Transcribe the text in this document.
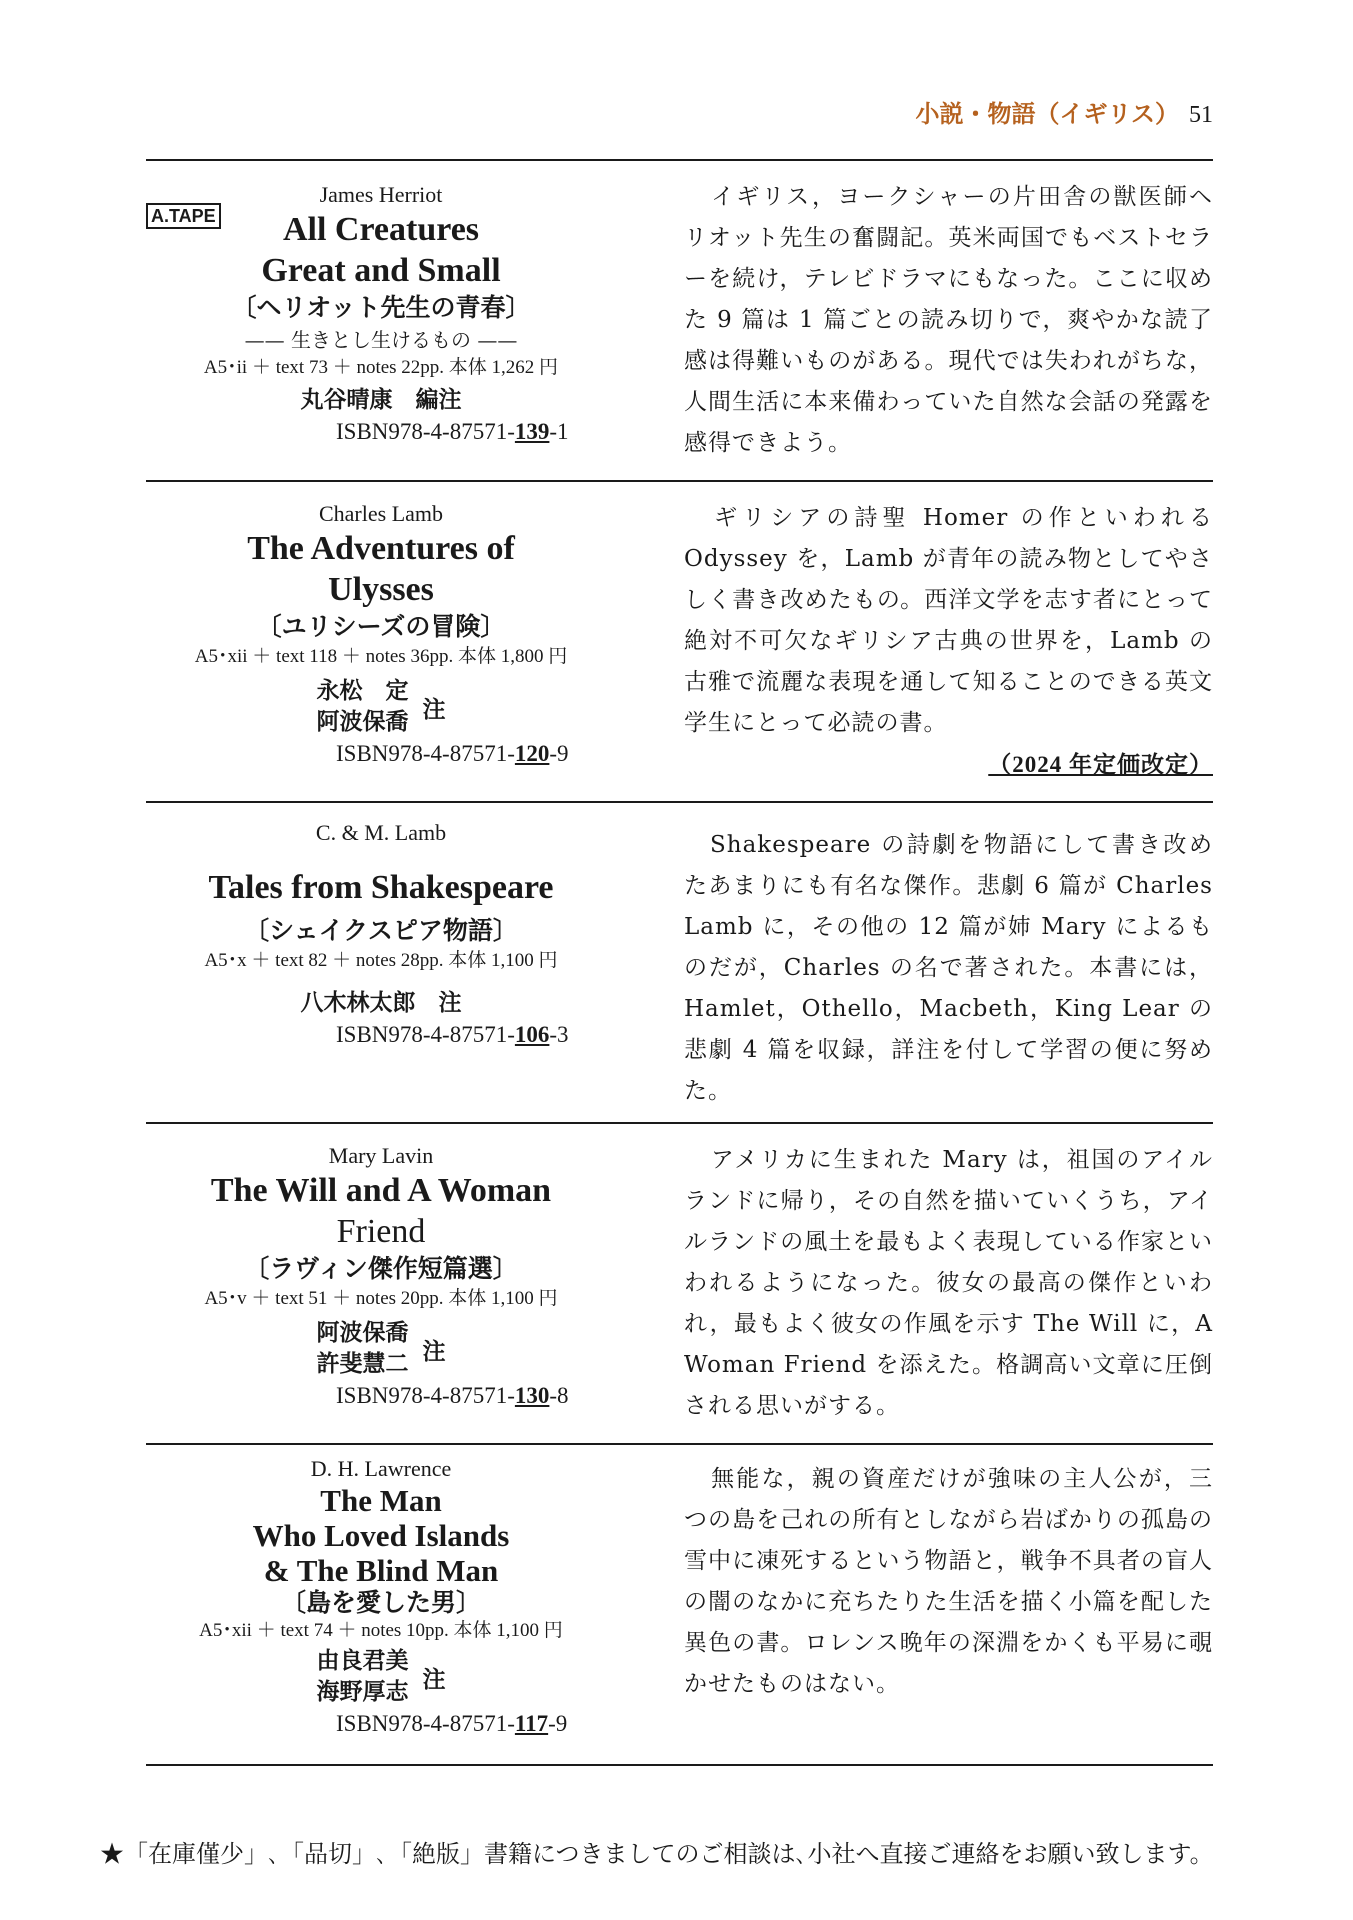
小説・物語（イギリス） 51
A.TAPE
James Herriot
All Creatures
Great and Small
〔ヘリオット先生の青春〕
—— 生きとし生けるもの ——
A5･ii ＋ text 73 ＋ notes 22pp. 本体 1,262 円
丸谷晴康　編注
ISBN978-4-87571-139-1
イギリス，ヨークシャーの片田舎の獣医師ヘリオット先生の奮闘記。英米両国でもベストセラーを続け，テレビドラマにもなった。ここに収めた 9 篇は 1 篇ごとの読み切りで，爽やかな読了感は得難いものがある。現代では失われがちな，人間生活に本来備わっていた自然な会話の発露を感得できよう。
Charles Lamb
The Adventures of
Ulysses
〔ユリシーズの冒険〕
A5･xii ＋ text 118 ＋ notes 36pp. 本体 1,800 円
永松　定
阿波保喬 注
ISBN978-4-87571-120-9
ギリシアの詩聖 Homer の作といわれる Odyssey を，Lamb が青年の読み物としてやさしく書き改めたもの。西洋文学を志す者にとって絶対不可欠なギリシア古典の世界を，Lamb の古雅で流麗な表現を通して知ることのできる英文学生にとって必読の書。
（2024 年定価改定）
C. & M. Lamb
Tales from Shakespeare
〔シェイクスピア物語〕
A5･x ＋ text 82 ＋ notes 28pp. 本体 1,100 円
八木林太郎　注
ISBN978-4-87571-106-3
Shakespeare の詩劇を物語にして書き改めたあまりにも有名な傑作。悲劇 6 篇が Charles Lamb に，その他の 12 篇が姉 Mary によるものだが，Charles の名で著された。本書には，Hamlet，Othello，Macbeth，King Lear の悲劇 4 篇を収録，詳注を付して学習の便に努めた。
Mary Lavin
The Will and A Woman
Friend
〔ラヴィン傑作短篇選〕
A5･v ＋ text 51 ＋ notes 20pp. 本体 1,100 円
阿波保喬
許斐慧二 注
ISBN978-4-87571-130-8
アメリカに生まれた Mary は，祖国のアイルランドに帰り，その自然を描いていくうち，アイルランドの風土を最もよく表現している作家といわれるようになった。彼女の最高の傑作といわれ，最もよく彼女の作風を示す The Will に，A Woman Friend を添えた。格調高い文章に圧倒される思いがする。
D. H. Lawrence
The Man
Who Loved Islands
& The Blind Man
〔島を愛した男〕
A5･xii ＋ text 74 ＋ notes 10pp. 本体 1,100 円
由良君美
海野厚志 注
ISBN978-4-87571-117-9
無能な，親の資産だけが強味の主人公が，三つの島を己れの所有としながら岩ばかりの孤島の雪中に凍死するという物語と，戦争不具者の盲人の闇のなかに充ちたりた生活を描く小篇を配した異色の書。ロレンス晩年の深淵をかくも平易に覗かせたものはない。
★「在庫僅少」､「品切」､「絶版」書籍につきましてのご相談は､小社へ直接ご連絡をお願い致します。
